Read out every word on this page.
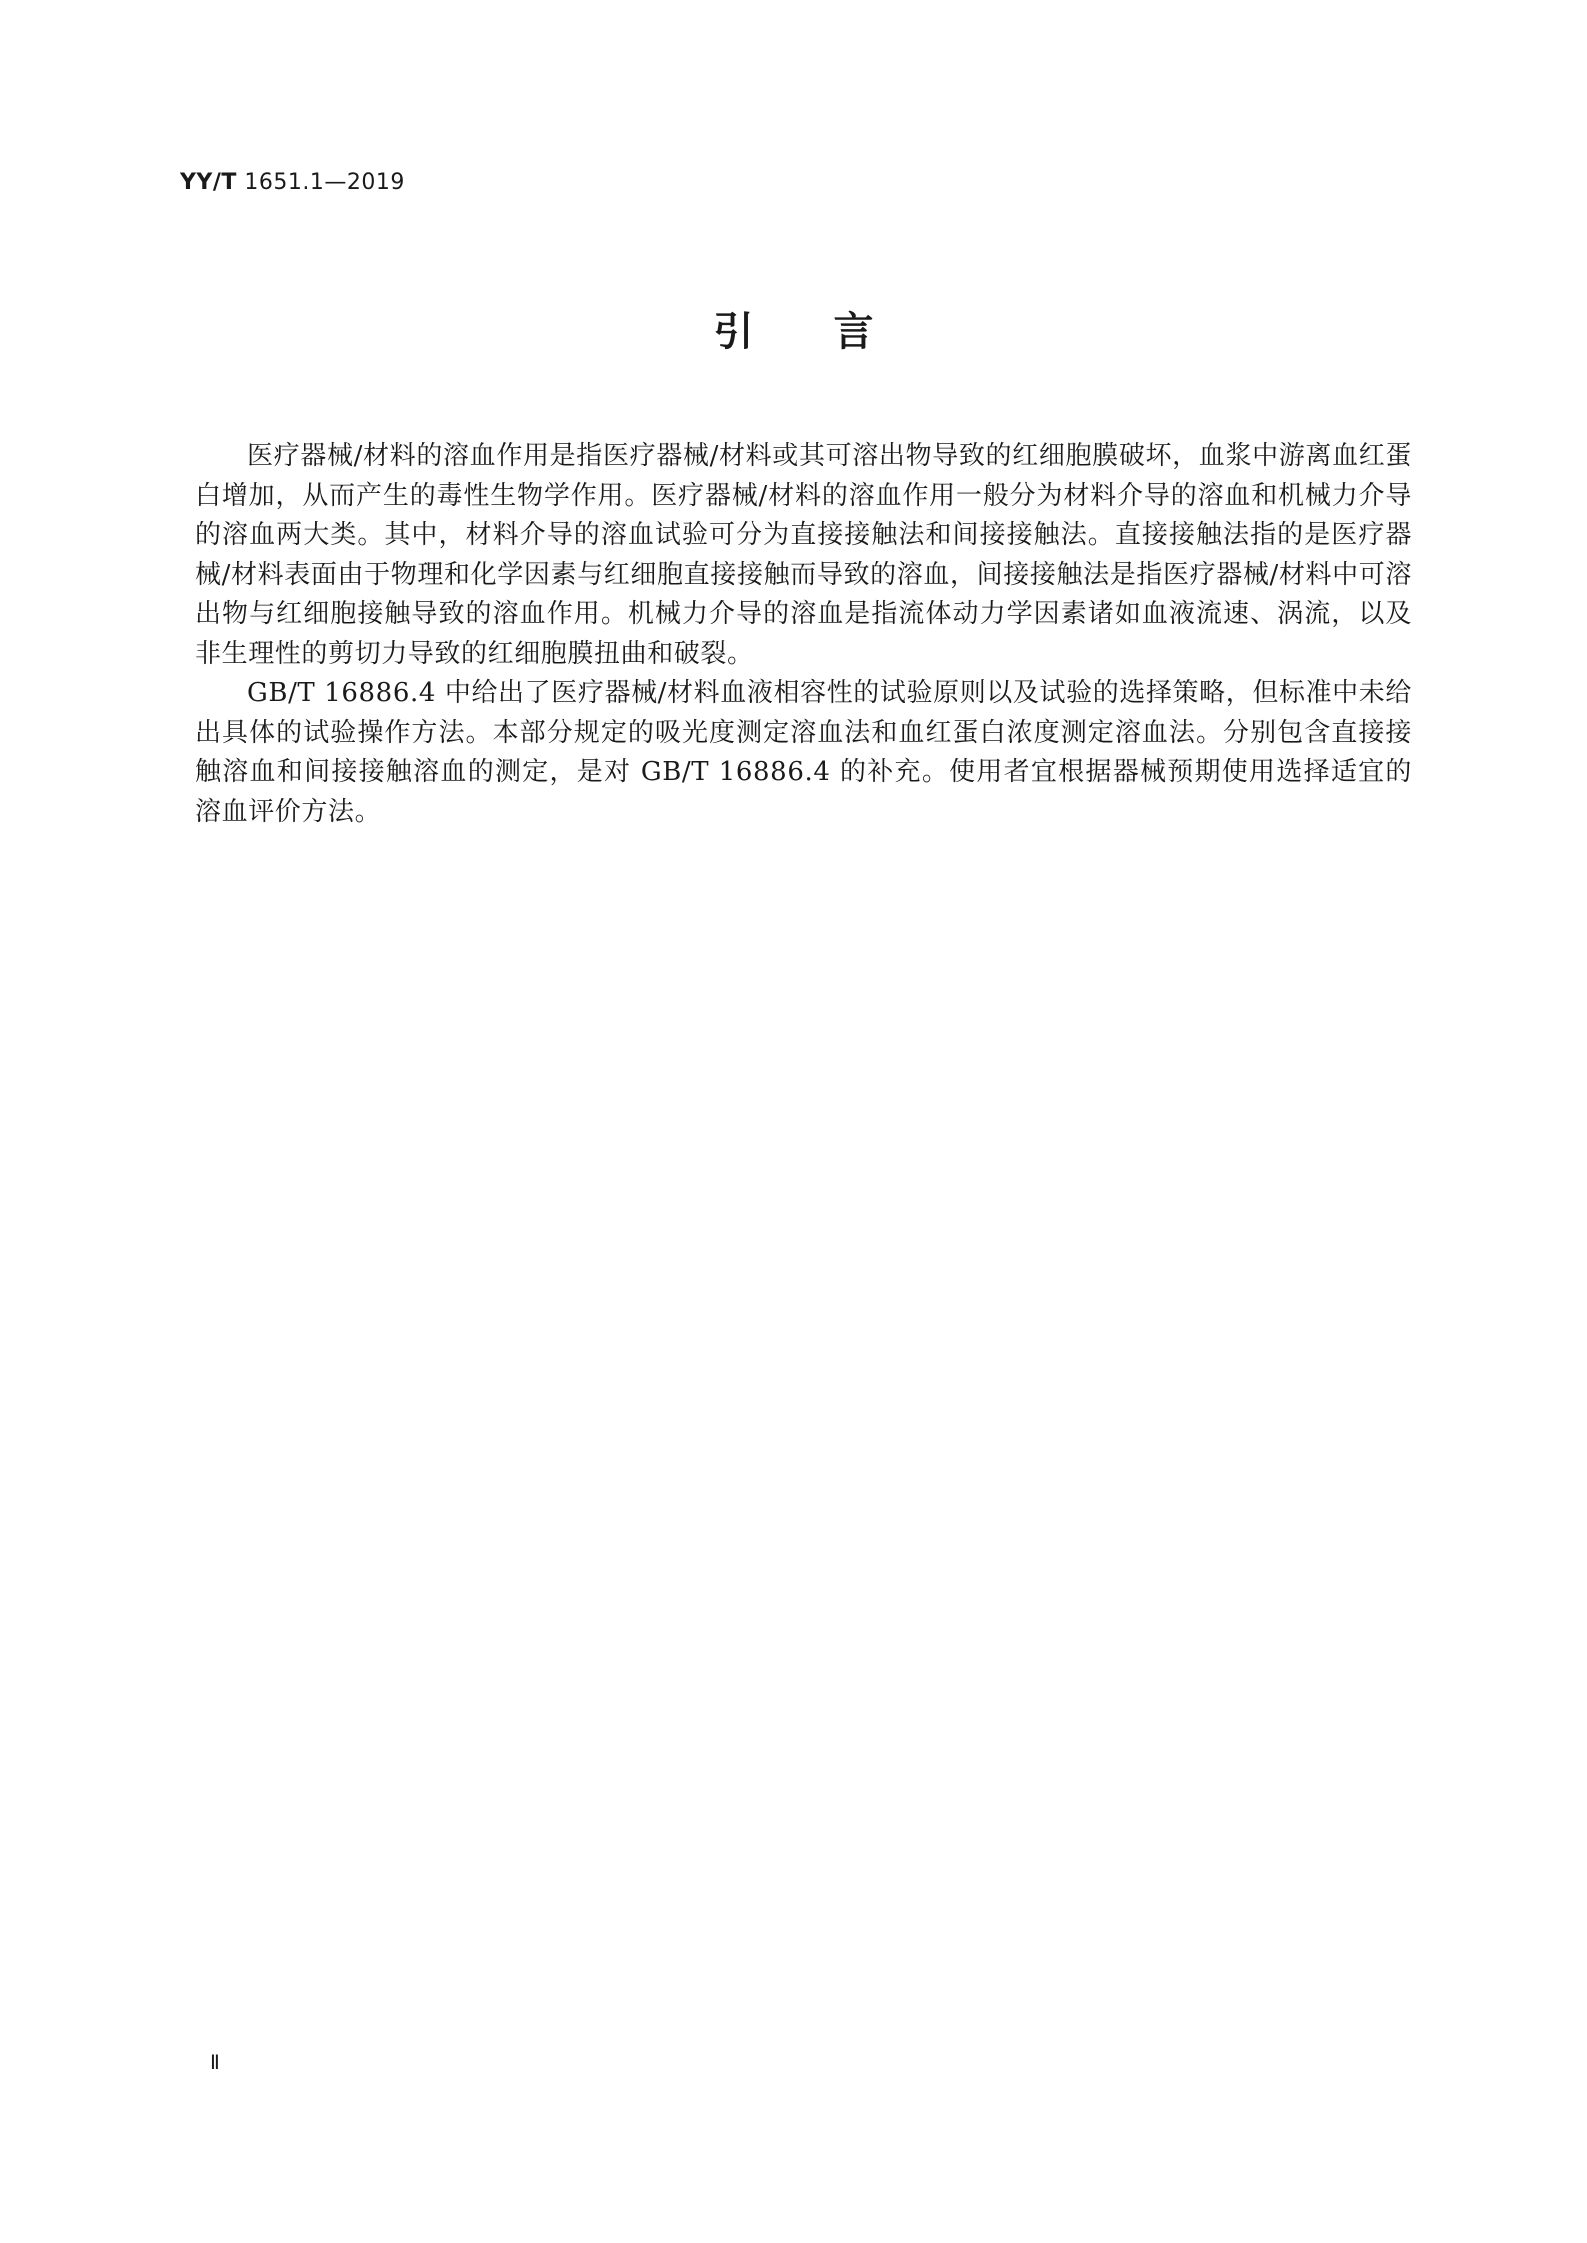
YY/T 1651.1—2019
引言

医疗器械/材料的溶血作用是指医疗器械/材料或其可溶出物导致的红细胞膜破坏，血浆中游离血红蛋白增加，从而产生的毒性生物学作用。医疗器械/材料的溶血作用一般分为材料介导的溶血和机械力介导的溶血两大类。其中，材料介导的溶血试验可分为直接接触法和间接接触法。直接接触法指的是医疗器械/材料表面由于物理和化学因素与红细胞直接接触而导致的溶血，间接接触法是指医疗器械/材料中可溶出物与红细胞接触导致的溶血作用。机械力介导的溶血是指流体动力学因素诸如血液流速、涡流，以及非生理性的剪切力导致的红细胞膜扭曲和破裂。

GB/T 16886.4 中给出了医疗器械/材料血液相容性的试验原则以及试验的选择策略，但标准中未给出具体的试验操作方法。本部分规定的吸光度测定溶血法和血红蛋白浓度测定溶血法。分别包含直接接触溶血和间接接触溶血的测定，是对 GB/T 16886.4 的补充。使用者宜根据器械预期使用选择适宜的溶血评价方法。

Ⅱ
